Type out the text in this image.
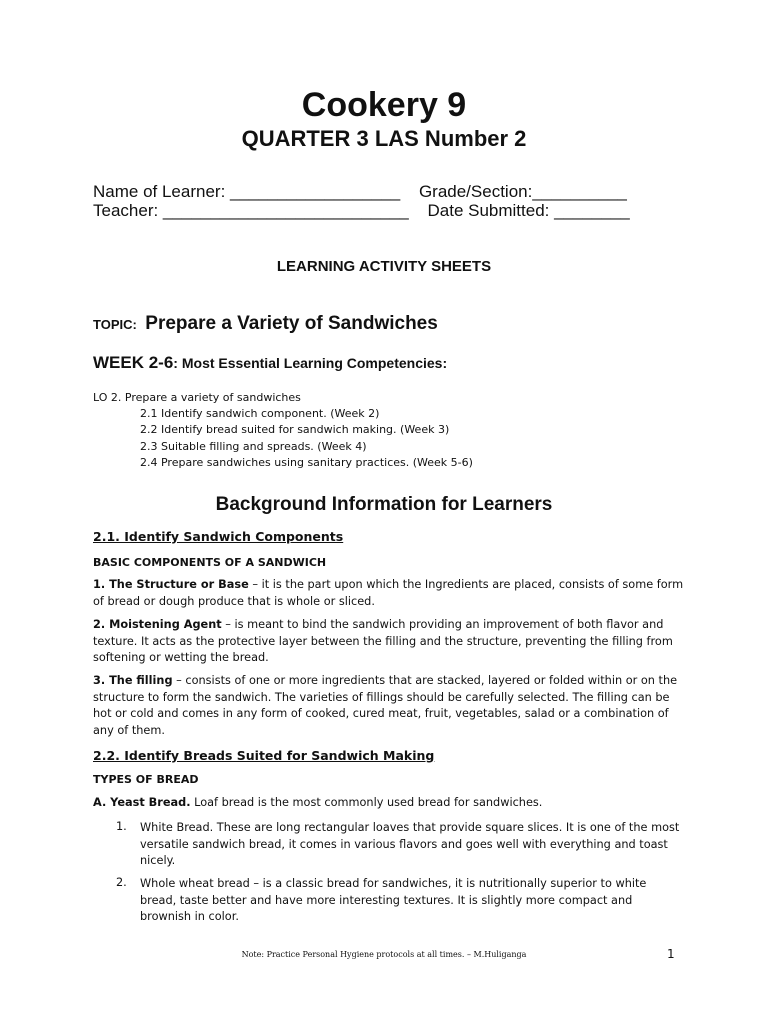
Cookery 9
QUARTER 3 LAS Number 2
Name of Learner: __________________ Grade/Section:__________
Teacher: __________________________ Date Submitted: ________
LEARNING ACTIVITY SHEETS
TOPIC: Prepare a Variety of Sandwiches
WEEK 2-6: Most Essential Learning Competencies:
LO 2. Prepare a variety of sandwiches
2.1 Identify sandwich component. (Week 2)
2.2 Identify bread suited for sandwich making. (Week 3)
2.3 Suitable filling and spreads. (Week 4)
2.4 Prepare sandwiches using sanitary practices. (Week 5-6)
Background Information for Learners
2.1. Identify Sandwich Components
BASIC COMPONENTS OF A SANDWICH
1. The Structure or Base – it is the part upon which the Ingredients are placed, consists of some form of bread or dough produce that is whole or sliced.
2. Moistening Agent – is meant to bind the sandwich providing an improvement of both flavor and texture. It acts as the protective layer between the filling and the structure, preventing the filling from softening or wetting the bread.
3. The filling – consists of one or more ingredients that are stacked, layered or folded within or on the structure to form the sandwich. The varieties of fillings should be carefully selected. The filling can be hot or cold and comes in any form of cooked, cured meat, fruit, vegetables, salad or a combination of any of them.
2.2. Identify Breads Suited for Sandwich Making
TYPES OF BREAD
A. Yeast Bread. Loaf bread is the most commonly used bread for sandwiches.
1. White Bread. These are long rectangular loaves that provide square slices. It is one of the most versatile sandwich bread, it comes in various flavors and goes well with everything and toast nicely.
2. Whole wheat bread – is a classic bread for sandwiches, it is nutritionally superior to white bread, taste better and have more interesting textures. It is slightly more compact and brownish in color.
Note: Practice Personal Hygiene protocols at all times. – M.Huliganga	1
